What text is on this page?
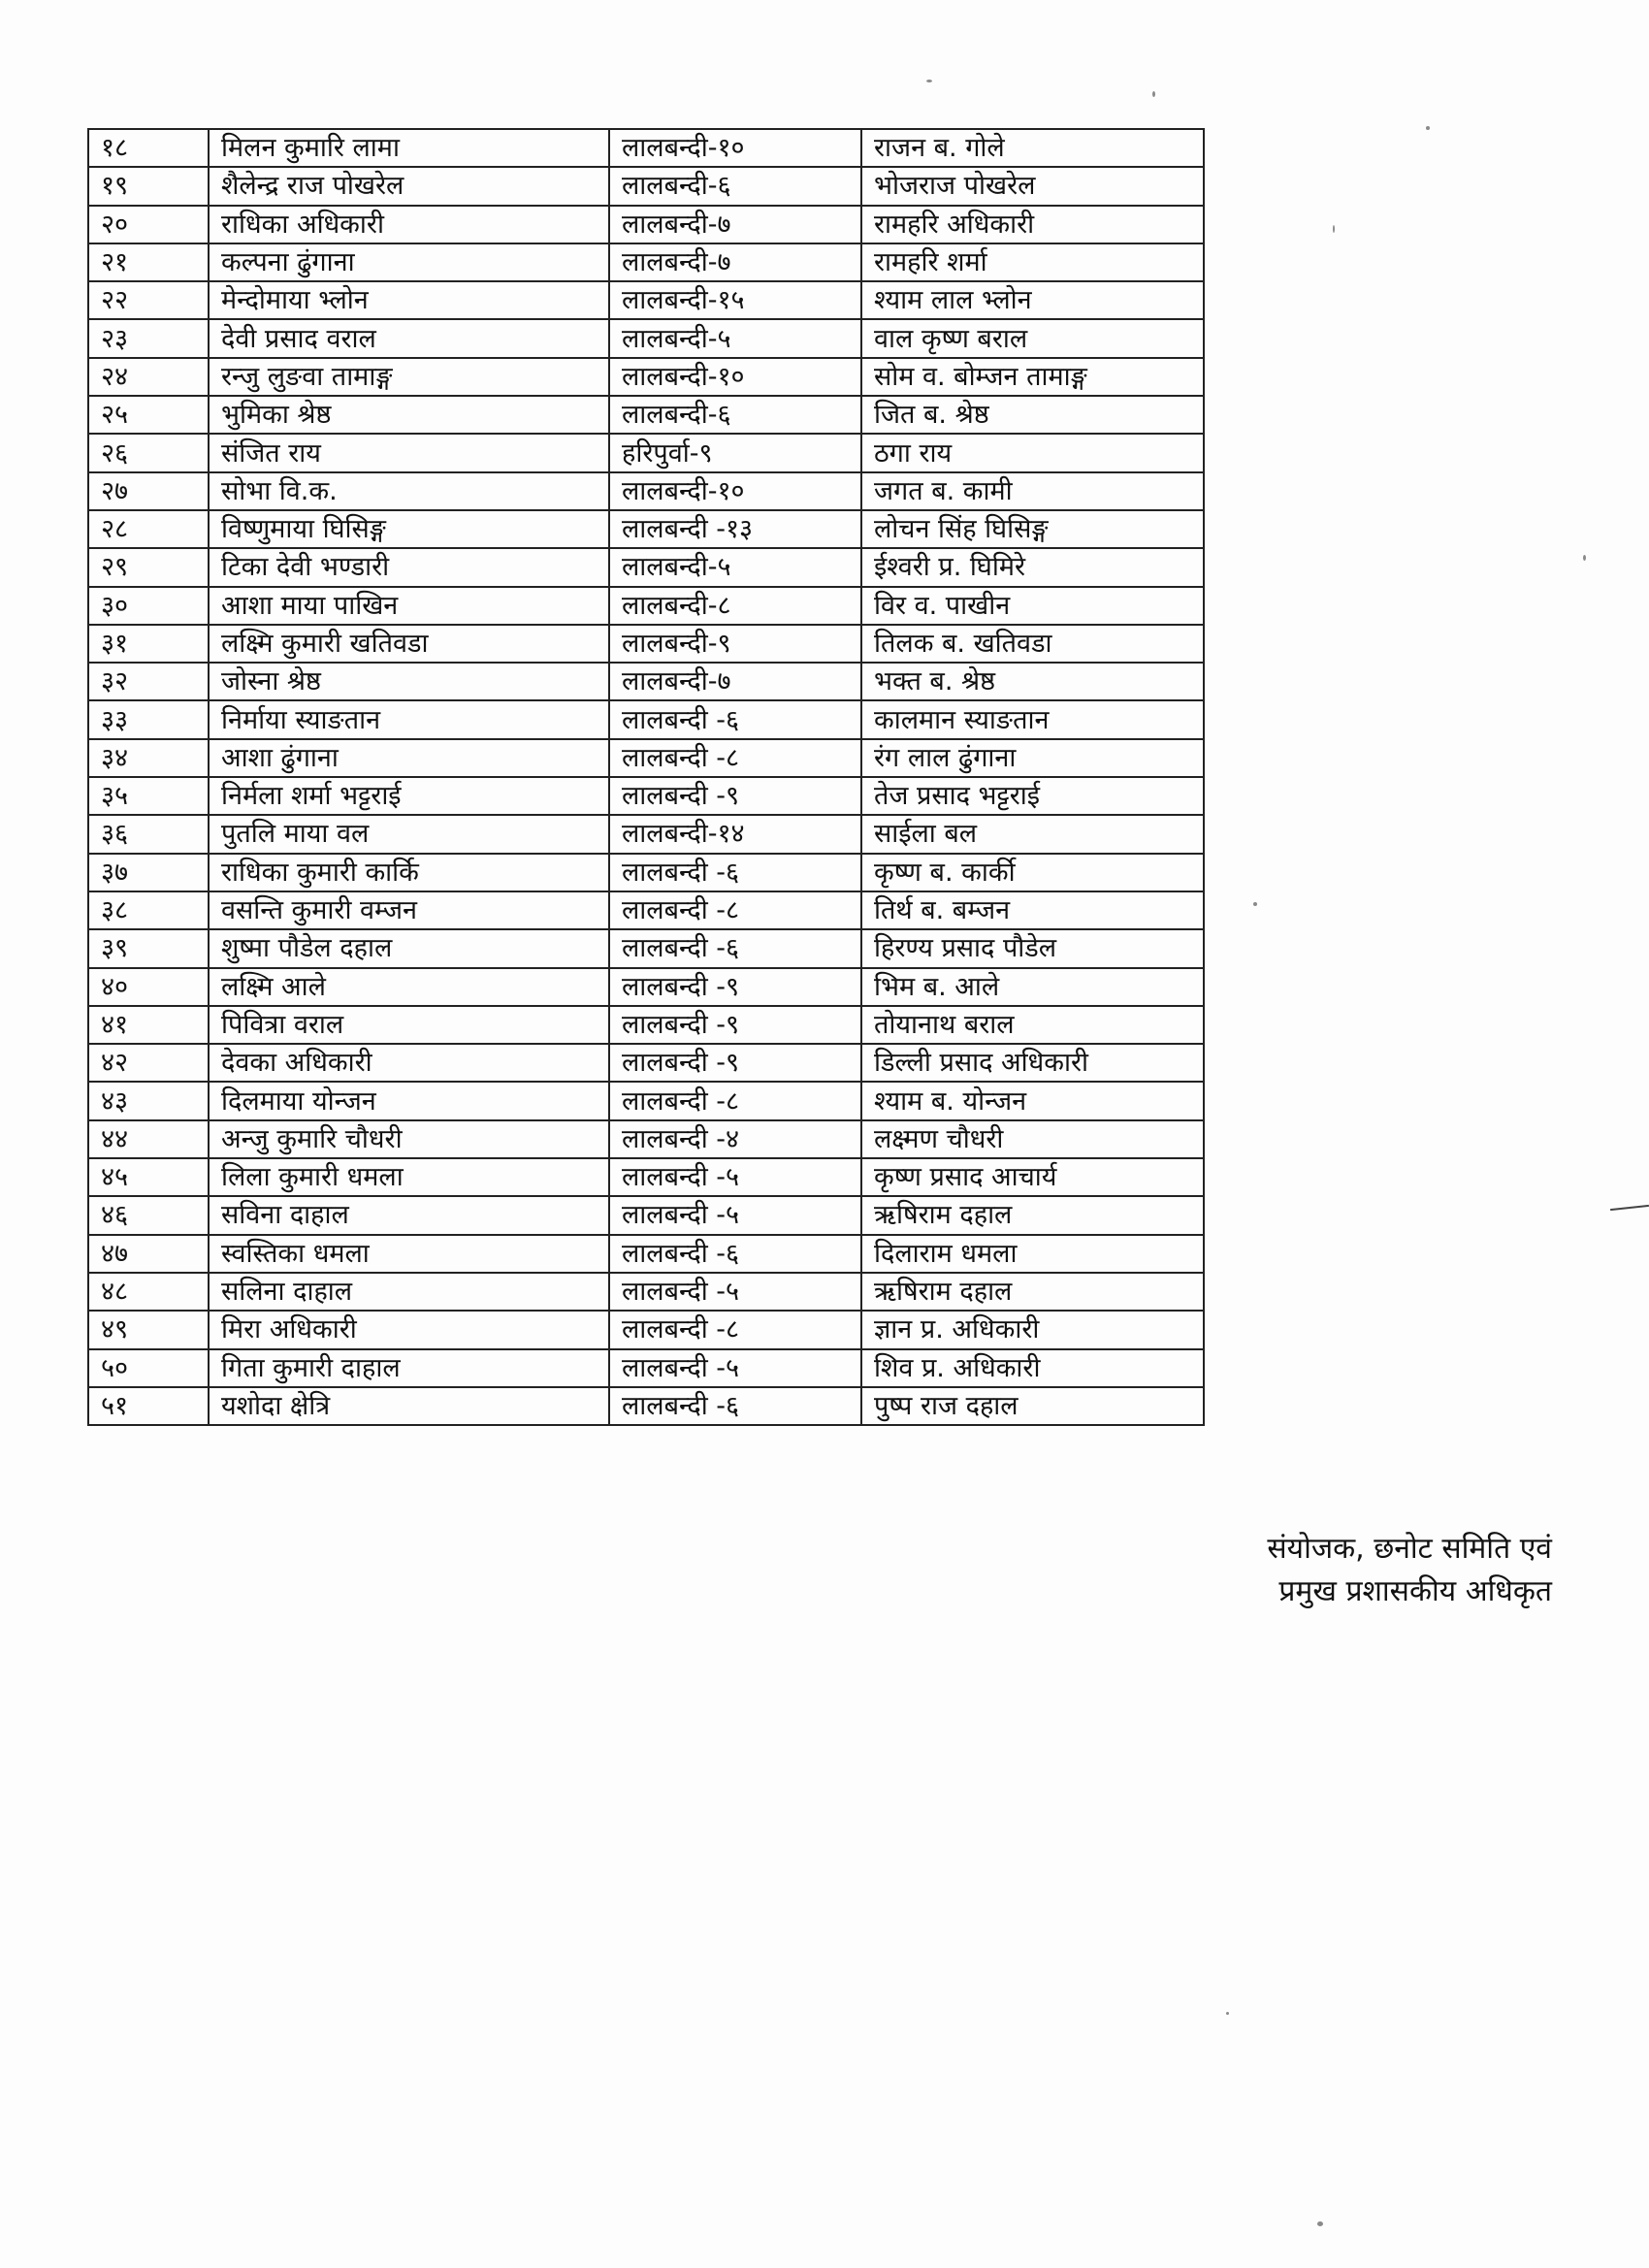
१८	मिलन कुमारि लामा	लालबन्दी-१०	राजन ब. गोले
१९	शैलेन्द्र राज पोखरेल	लालबन्दी-६	भोजराज पोखरेल
२०	राधिका अधिकारी	लालबन्दी-७	रामहरि अधिकारी
२१	कल्पना ढुंगाना	लालबन्दी-७	रामहरि शर्मा
२२	मेन्दोमाया भ्लोन	लालबन्दी-१५	श्याम लाल भ्लोन
२३	देवी प्रसाद वराल	लालबन्दी-५	वाल कृष्ण बराल
२४	रन्जु लुङवा तामाङ्ग	लालबन्दी-१०	सोम व. बोम्जन तामाङ्ग
२५	भुमिका श्रेष्ठ	लालबन्दी-६	जित ब. श्रेष्ठ
२६	संजित राय	हरिपुर्वा-९	ठगा राय
२७	सोभा वि.क.	लालबन्दी-१०	जगत ब. कामी
२८	विष्णुमाया घिसिङ्ग	लालबन्दी -१३	लोचन सिंह घिसिङ्ग
२९	टिका देवी भण्डारी	लालबन्दी-५	ईश्वरी प्र. घिमिरे
३०	आशा माया पाखिन	लालबन्दी-८	विर व. पाखीन
३१	लक्ष्मि कुमारी खतिवडा	लालबन्दी-९	तिलक ब. खतिवडा
३२	जोस्ना श्रेष्ठ	लालबन्दी-७	भक्त ब. श्रेष्ठ
३३	निर्माया स्याङतान	लालबन्दी -६	कालमान स्याङतान
३४	आशा ढुंगाना	लालबन्दी -८	रंग लाल ढुंगाना
३५	निर्मला शर्मा भट्टराई	लालबन्दी -९	तेज प्रसाद भट्टराई
३६	पुतलि माया वल	लालबन्दी-१४	साईला बल
३७	राधिका कुमारी कार्कि	लालबन्दी -६	कृष्ण ब. कार्की
३८	वसन्ति कुमारी वम्जन	लालबन्दी -८	तिर्थ ब. बम्जन
३९	शुष्मा पौडेल दहाल	लालबन्दी -६	हिरण्य प्रसाद पौडेल
४०	लक्ष्मि आले	लालबन्दी -९	भिम ब. आले
४१	पिवित्रा वराल	लालबन्दी -९	तोयानाथ बराल
४२	देवका अधिकारी	लालबन्दी -९	डिल्ली प्रसाद अधिकारी
४३	दिलमाया योन्जन	लालबन्दी -८	श्याम ब. योन्जन
४४	अन्जु कुमारि चौधरी	लालबन्दी -४	लक्ष्मण चौधरी
४५	लिला कुमारी धमला	लालबन्दी -५	कृष्ण प्रसाद आचार्य
४६	सविना दाहाल	लालबन्दी -५	ऋषिराम दहाल
४७	स्वस्तिका धमला	लालबन्दी -६	दिलाराम धमला
४८	सलिना दाहाल	लालबन्दी -५	ऋषिराम दहाल
४९	मिरा अधिकारी	लालबन्दी -८	ज्ञान प्र. अधिकारी
५०	गिता कुमारी दाहाल	लालबन्दी -५	शिव प्र. अधिकारी
५१	यशोदा क्षेत्रि	लालबन्दी -६	पुष्प राज दहाल
संयोजक, छनोट समिति एवं
प्रमुख प्रशासकीय अधिकृत
